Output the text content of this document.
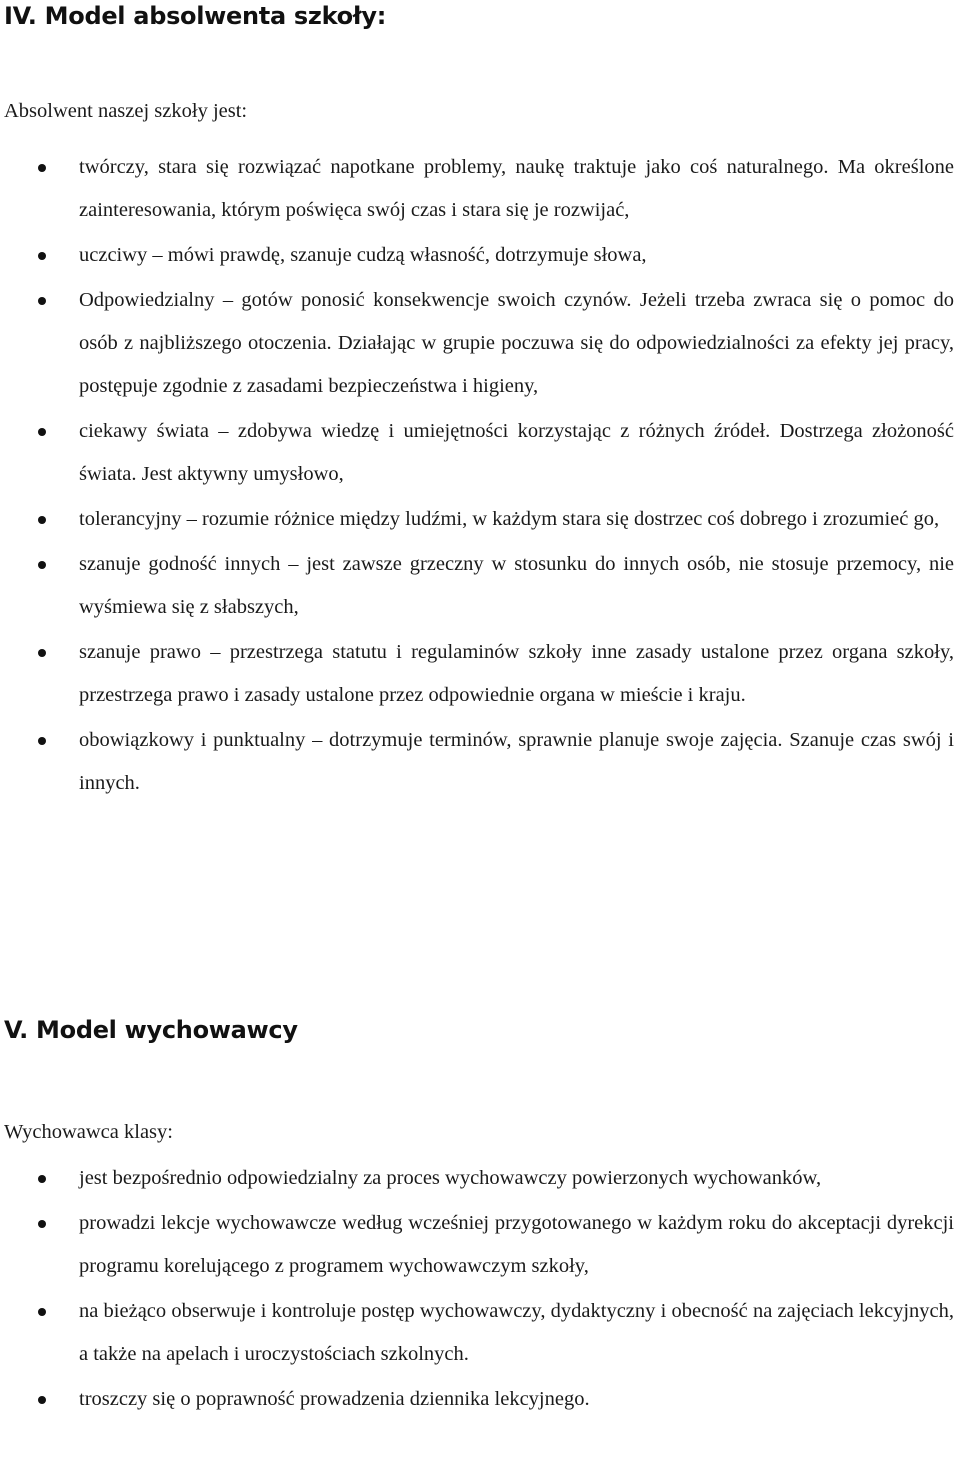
IV. Model absolwenta szkoły:

Absolwent naszej szkoły jest:

twórczy, stara się rozwiązać napotkane problemy, naukę traktuje jako coś naturalnego. Ma określone zainteresowania, którym poświęca swój czas i stara się je rozwijać,
uczciwy – mówi prawdę, szanuje cudzą własność, dotrzymuje słowa,
Odpowiedzialny – gotów ponosić konsekwencje swoich czynów. Jeżeli trzeba zwraca się o pomoc do osób z najbliższego otoczenia. Działając w grupie poczuwa się do odpowiedzialności za efekty jej pracy, postępuje zgodnie z zasadami bezpieczeństwa i higieny,
ciekawy świata – zdobywa wiedzę i umiejętności korzystając z różnych źródeł. Dostrzega złożoność świata. Jest aktywny umysłowo,
tolerancyjny – rozumie różnice między ludźmi, w każdym stara się dostrzec coś dobrego i zrozumieć go,
szanuje godność innych – jest zawsze grzeczny w stosunku do innych osób, nie stosuje przemocy, nie wyśmiewa się z słabszych,
szanuje prawo – przestrzega statutu i regulaminów szkoły inne zasady ustalone przez organa szkoły, przestrzega prawo i zasady ustalone przez odpowiednie organa w mieście i kraju.
obowiązkowy i punktualny – dotrzymuje terminów, sprawnie planuje swoje zajęcia. Szanuje czas swój i innych.
V. Model wychowawcy

Wychowawca klasy:

jest bezpośrednio odpowiedzialny za proces wychowawczy powierzonych wychowanków,
prowadzi lekcje wychowawcze według wcześniej przygotowanego w każdym roku do akceptacji dyrekcji programu korelującego z programem wychowawczym szkoły,
na bieżąco obserwuje i kontroluje postęp wychowawczy, dydaktyczny i obecność na zajęciach lekcyjnych, a także na apelach i uroczystościach szkolnych.
troszczy się o poprawność prowadzenia dziennika lekcyjnego.
